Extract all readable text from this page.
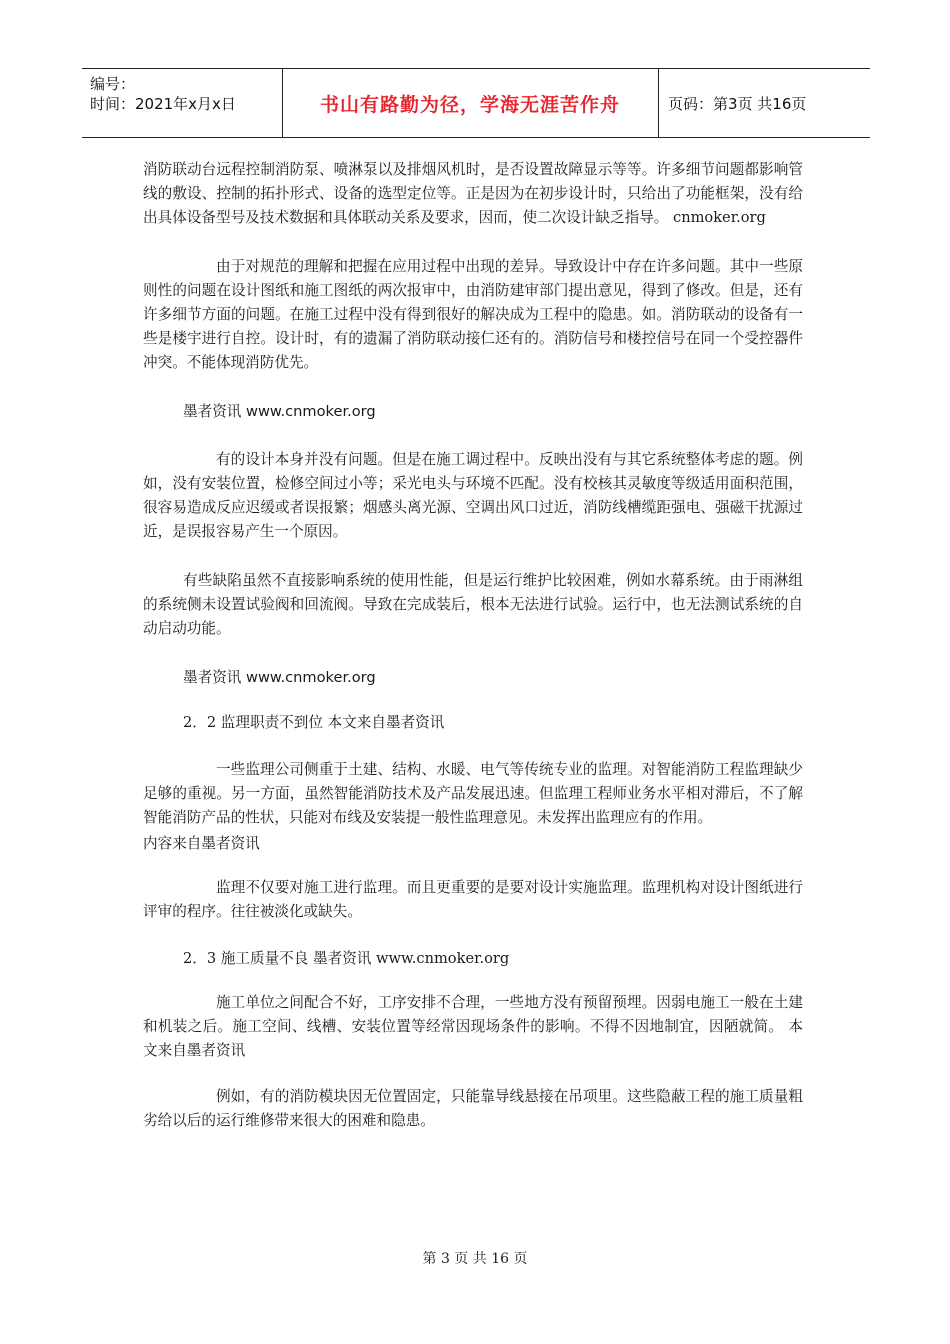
编号：
时间：2021年x月x日	书山有路勤为径，学海无涯苦作舟	页码：第3页 共16页

消防联动台远程控制消防泵、喷淋泵以及排烟风机时，是否设置故障显示等等。许多细节问题都影响管线的敷设、控制的拓扑形式、设备的选型定位等。正是因为在初步设计时，只给出了功能框架，没有给出具体设备型号及技术数据和具体联动关系及要求，因而，使二次设计缺乏指导。 cnmoker.org

由于对规范的理解和把握在应用过程中出现的差异。导致设计中存在许多问题。其中一些原则性的问题在设计图纸和施工图纸的两次报审中，由消防建审部门提出意见，得到了修改。但是，还有许多细节方面的问题。在施工过程中没有得到很好的解决成为工程中的隐患。如。消防联动的设备有一些是楼宇进行自控。设计时，有的遗漏了消防联动接仁还有的。消防信号和楼控信号在同一个受控器件冲突。不能体现消防优先。

墨者资讯 www.cnmoker.org

有的设计本身并没有问题。但是在施工调过程中。反映出没有与其它系统整体考虑的题。例如，没有安装位置，检修空间过小等；采光电头与环境不匹配。没有校核其灵敏度等级适用面积范围，很容易造成反应迟缓或者误报繁；烟感头离光源、空调出风口过近，消防线槽缆距强电、强磁干扰源过近，是误报容易产生一个原因。

有些缺陷虽然不直接影响系统的使用性能，但是运行维护比较困难，例如水幕系统。由于雨淋组的系统侧未设置试验阀和回流阀。导致在完成装后，根本无法进行试验。运行中，也无法测试系统的自动启动功能。

墨者资讯 www.cnmoker.org

2．2 监理职责不到位 本文来自墨者资讯

一些监理公司侧重于土建、结构、水暖、电气等传统专业的监理。对智能消防工程监理缺少足够的重视。另一方面，虽然智能消防技术及产品发展迅速。但监理工程师业务水平相对滞后，不了解智能消防产品的性状，只能对布线及安装提一般性监理意见。未发挥出监理应有的作用。

内容来自墨者资讯

监理不仅要对施工进行监理。而且更重要的是要对设计实施监理。监理机构对设计图纸进行评审的程序。往往被淡化或缺失。

2．3 施工质量不良 墨者资讯 www.cnmoker.org

施工单位之间配合不好，工序安排不合理，一些地方没有预留预埋。因弱电施工一般在土建和机装之后。施工空间、线槽、安装位置等经常因现场条件的影响。不得不因地制宜，因陋就简。 本文来自墨者资讯

例如，有的消防模块因无位置固定，只能靠导线悬接在吊项里。这些隐蔽工程的施工质量粗劣给以后的运行维修带来很大的困难和隐患。

第 3 页 共 16 页
